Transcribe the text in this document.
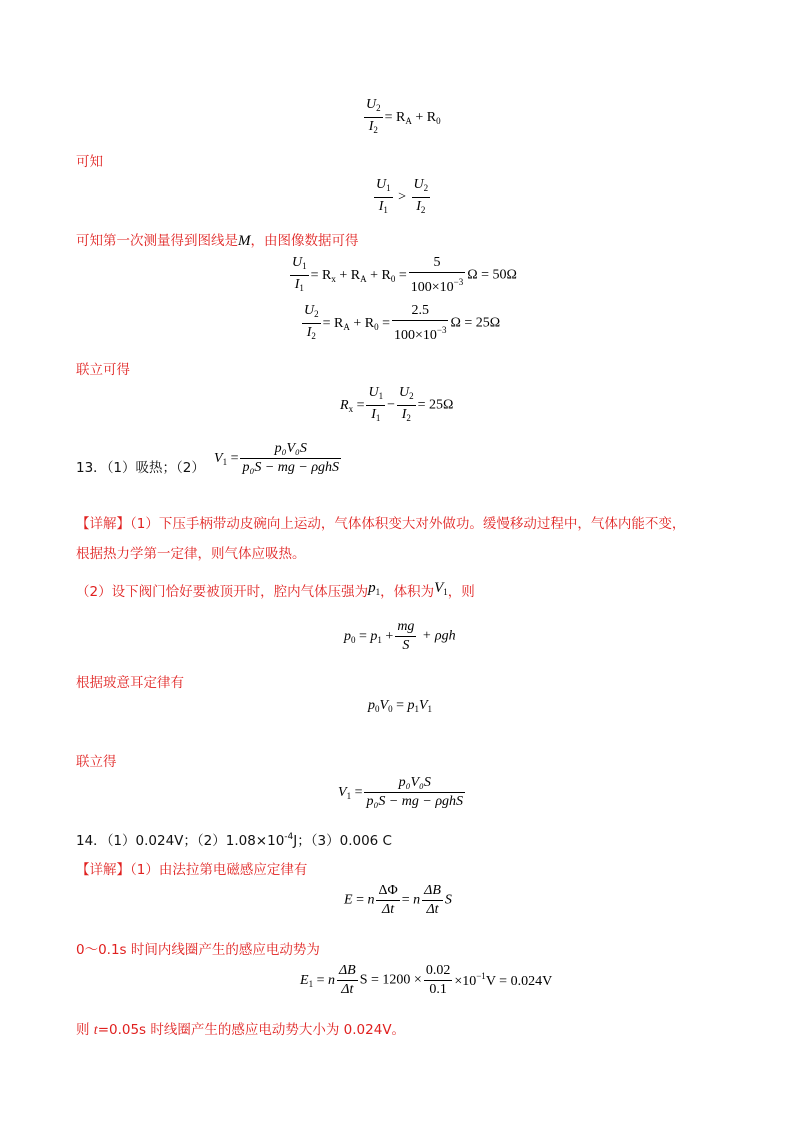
$\frac{U_2}{I_2} = R_A + R_0$
可知
$\frac{U_1}{I_1} > \frac{U_2}{I_2}$
可知第一次测量得到图线是M，由图像数据可得
$\frac{U_1}{I_1} = R_x + R_A + R_0 = \frac{5}{100\times 10^{-3}}$ Ω = 50Ω
$\frac{U_2}{I_2} = R_A + R_0 = \frac{2.5}{100\times 10^{-3}}$ Ω = 25Ω
联立可得
$R_x = \frac{U_1}{I_1} - \frac{U_2}{I_2} = 25\Omega$
13．（1）吸热；（2）
$V_1 = \frac{\text{p₀V₀S}}{\text{p₀S − mg − ρghS}}$
【详解】（1）下压手柄带动皮碗向上运动，气体体积变大对外做功。缓慢移动过程中，气体内能不变，
根据热力学第一定律，则气体应吸热。
（2）设下阀门恰好要被顶开时，腔内气体压强为$p_1$，体积为$V_1$，则
$p_0 = p_1 + \frac{mg}{S} + \rho gh$
根据玻意耳定律有
$p_0V_0 = p_1V_1$
联立得
$V_1 = \frac{\text{p₀V₀S}}{\text{p₀S − mg − ρghS}}$
14．（1）0.024V；$(2)1.08\times 10^{-4}J$；（3）0.006 C
【详解】（1）由法拉第电磁感应定律有
E = n $\frac{\Delta\Phi}{\Delta t} = n \frac{\Delta B}{\Delta t}$ S
0～0.1s 时间内线圈产生的感应电动势为
$E_1 = n \frac{\Delta B}{\Delta t}$ $S = 1200 \times \frac{0.02}{0.1} \times 10^{-1}V = 0.024V$
则 t=0.05s 时线圈产生的感应电动势大小为 0.024V。
